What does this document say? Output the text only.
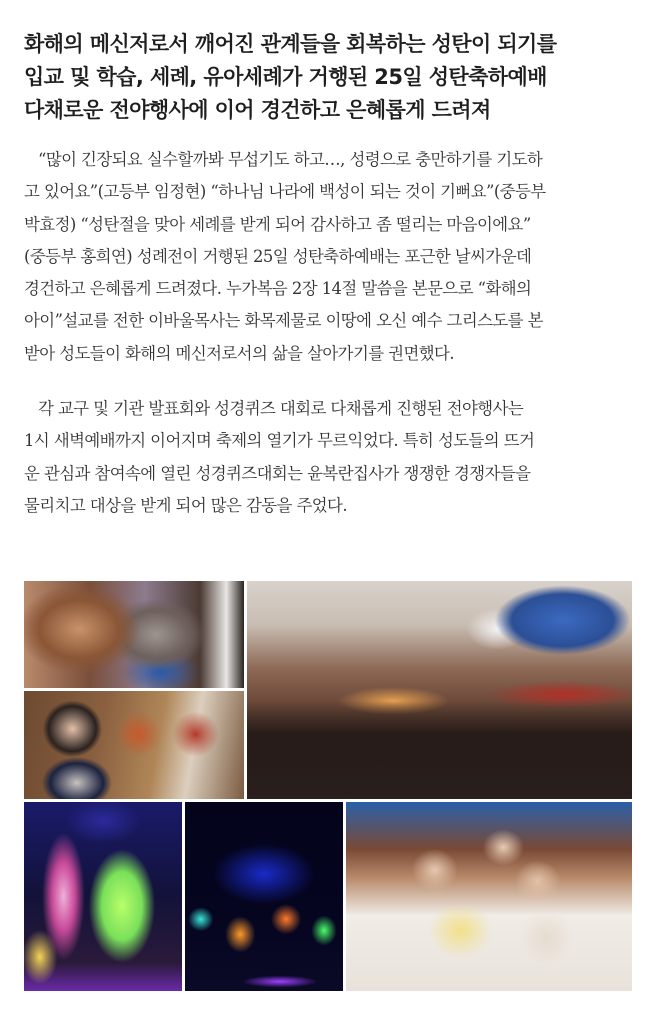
화해의 메신저로서 깨어진 관계들을 회복하는 성탄이 되기를
입교 및 학습, 세례, 유아세례가 거행된 25일 성탄축하예배
다채로운 전야행사에 이어 경건하고 은혜롭게 드려져

“많이 긴장되요 실수할까봐 무섭기도 하고…, 성령으로 충만하기를 기도하
고 있어요”(고등부 임정현) “하나님 나라에 백성이 되는 것이 기뻐요”(중등부
박효정) “성탄절을 맞아 세례를 받게 되어 감사하고 좀 떨리는 마음이에요”
(중등부 홍희연) 성례전이 거행된 25일 성탄축하예배는 포근한 날씨가운데
경건하고 은혜롭게 드려졌다. 누가복음 2장 14절 말씀을 본문으로 “화해의
아이”설교를 전한 이바울목사는 화목제물로 이땅에 오신 예수 그리스도를 본
받아 성도들이 화해의 메신저로서의 삶을 살아가기를 권면했다.

각 교구 및 기관 발표회와 성경퀴즈 대회로 다채롭게 진행된 전야행사는
1시 새벽예배까지 이어지며 축제의 열기가 무르익었다. 특히 성도들의 뜨거
운 관심과 참여속에 열린 성경퀴즈대회는 윤복란집사가 쟁쟁한 경쟁자들을
물리치고 대상을 받게 되어 많은 감동을 주었다.
